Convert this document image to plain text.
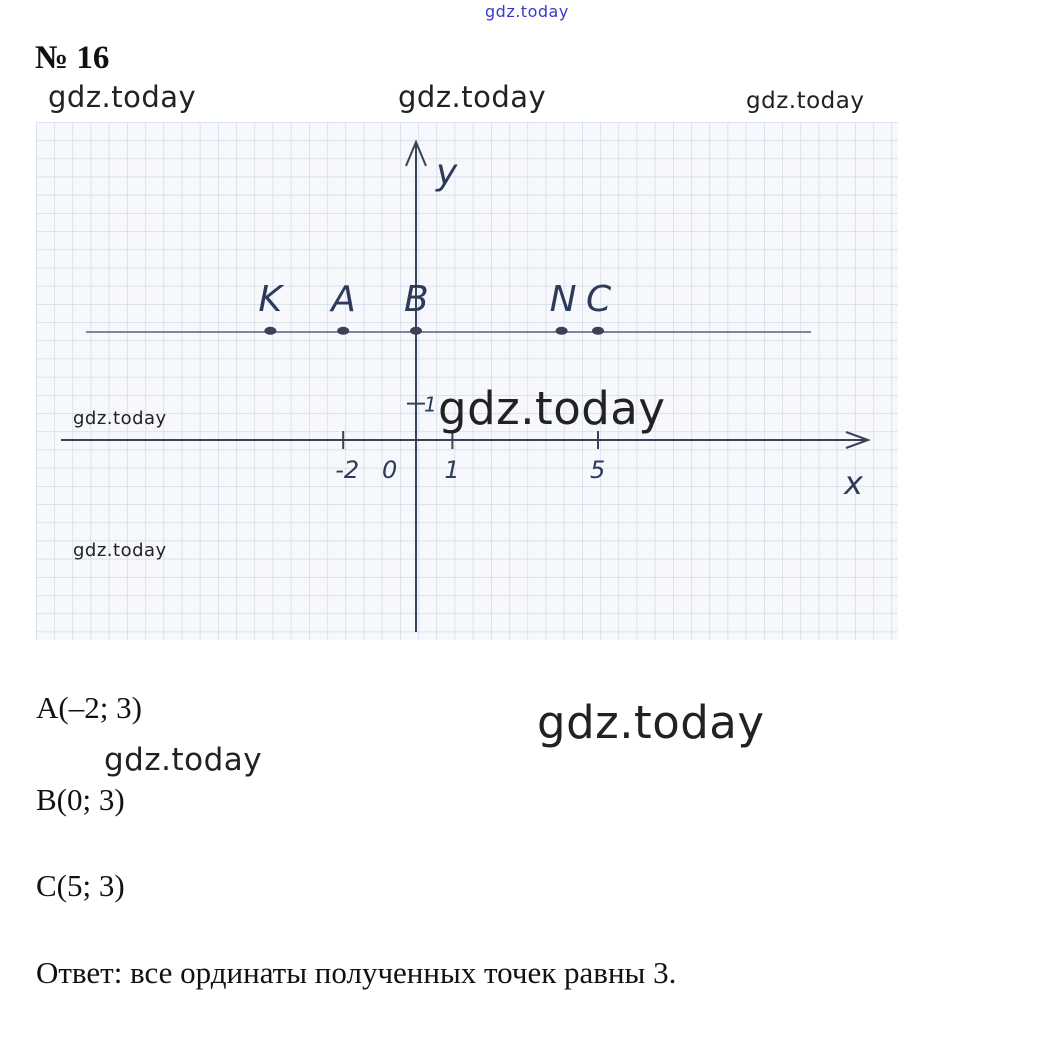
gdz.today
№ 16
-2	1	5
1
0	x
y
K A B	N C
gdz.today	gdz.today	gdz.today
gdz.today
gdz.today
gdz.today
gdz.today
gdz.today
A(–2; 3)
B(0; 3)
C(5; 3)
Ответ: все ординаты полученных точек равны 3.
